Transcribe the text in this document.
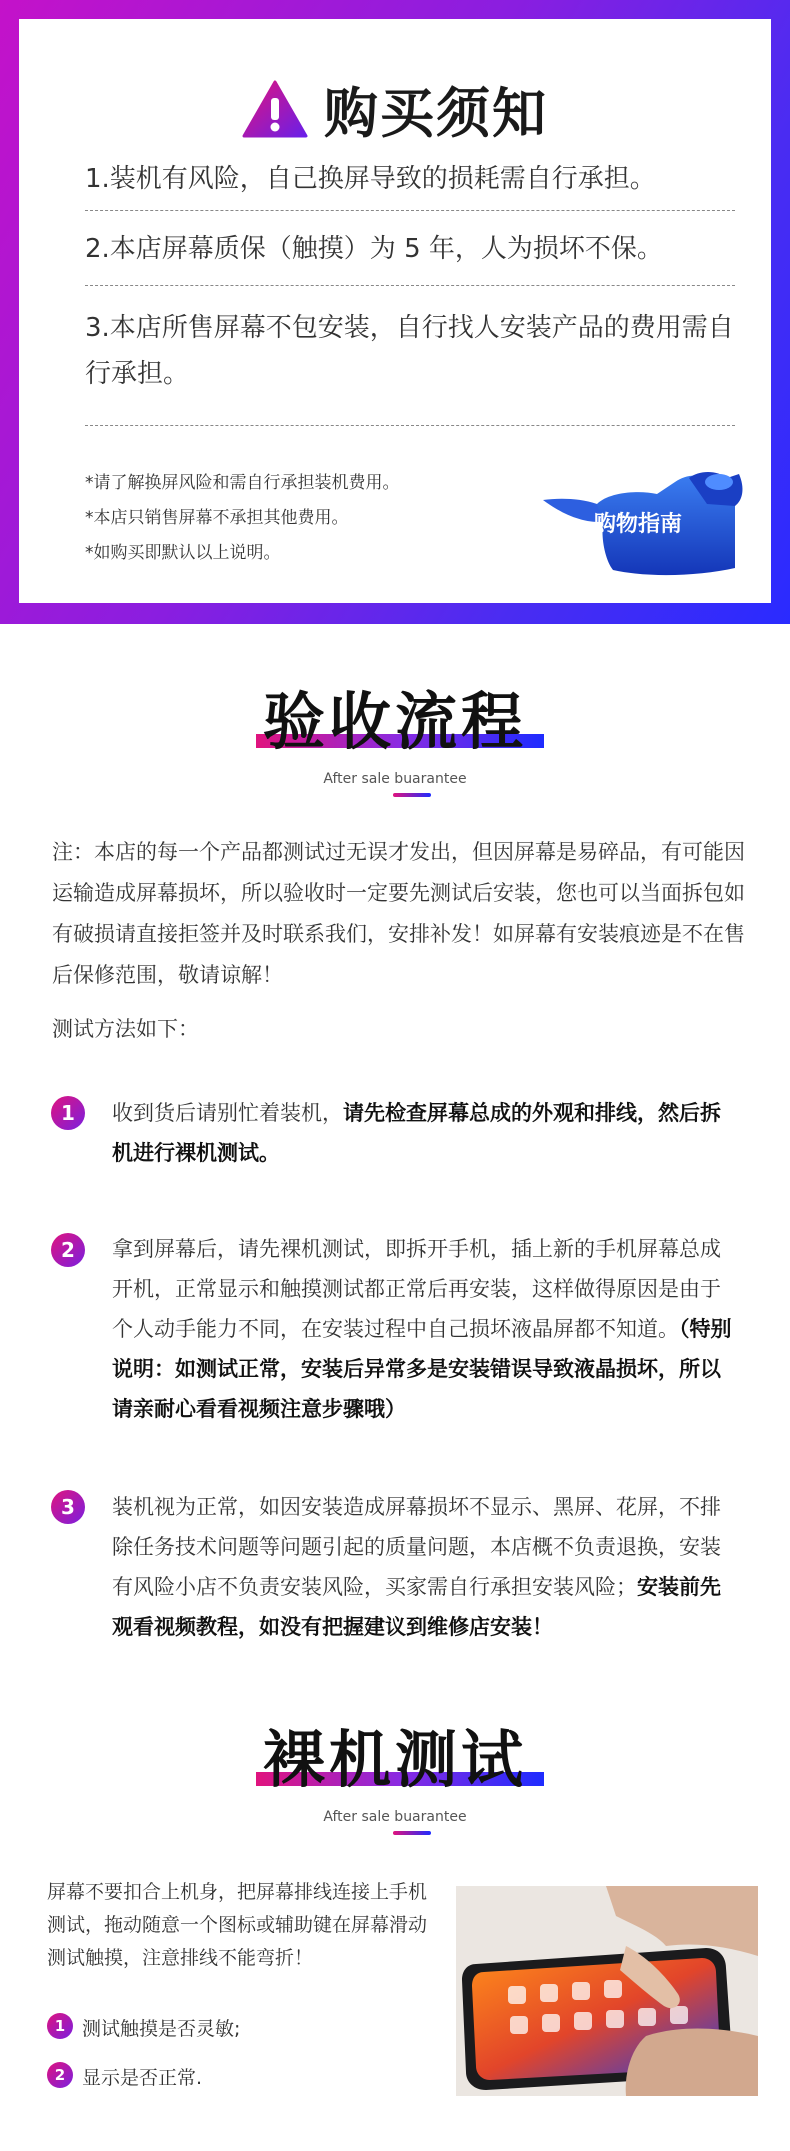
购买须知
1.装机有风险，自己换屏导致的损耗需自行承担。
2.本店屏幕质保（触摸）为 5 年，人为损坏不保。
3.本店所售屏幕不包安装，自行找人安装产品的费用需自行承担。
*请了解换屏风险和需自行承担装机费用。
*本店只销售屏幕不承担其他费用。
*如购买即默认以上说明。
购物指南
验收流程
After sale buarantee
注：本店的每一个产品都测试过无误才发出，但因屏幕是易碎品，有可能因运输造成屏幕损坏，所以验收时一定要先测试后安装，您也可以当面拆包如有破损请直接拒签并及时联系我们，安排补发！如屏幕有安装痕迹是不在售后保修范围，敬请谅解！
测试方法如下：
1	收到货后请别忙着装机，请先检查屏幕总成的外观和排线，然后拆机进行裸机测试。
2	拿到屏幕后，请先裸机测试，即拆开手机，插上新的手机屏幕总成开机，正常显示和触摸测试都正常后再安装，这样做得原因是由于个人动手能力不同，在安装过程中自己损坏液晶屏都不知道。（特别说明：如测试正常，安装后异常多是安装错误导致液晶损坏，所以请亲耐心看看视频注意步骤哦）
3	装机视为正常，如因安装造成屏幕损坏不显示、黑屏、花屏，不排除任务技术问题等问题引起的质量问题，本店概不负责退换，安装有风险小店不负责安装风险，买家需自行承担安装风险；安装前先观看视频教程，如没有把握建议到维修店安装！
裸机测试
After sale buarantee
屏幕不要扣合上机身，把屏幕排线连接上手机测试，拖动随意一个图标或辅助键在屏幕滑动测试触摸，注意排线不能弯折！
1 测试触摸是否灵敏;
2 显示是否正常.
